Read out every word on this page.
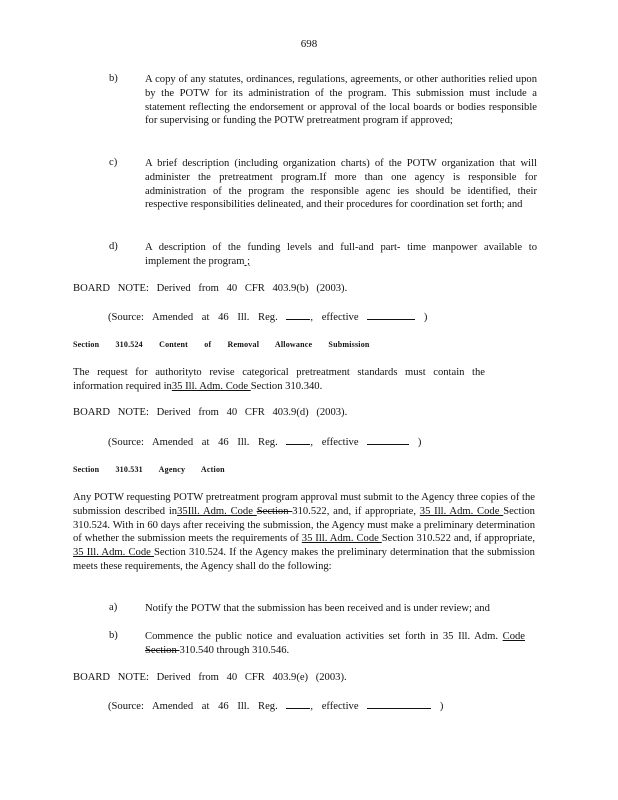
698
b)	A copy of any statutes, ordinances, regulations, agreements, or other authorities relied upon by the POTW for its administration of the program. This submission must include a statement reflecting the endorsement or approval of the local boards or bodies responsible for supervising or funding the POTW pretreatment program if approved;
c)	A brief description (including organization charts) of the POTW organization that will administer the pretreatment program.If more than one agency is responsible for administration of the program the responsible agenc ies should be identified, their respective responsibilities delineated, and their procedures for coordination set forth; and
d)	A description of the funding levels and full-and part- time manpower available to implement the program ;
BOARD NOTE: Derived from 40 CFR 403.9(b) (2003).
(Source: Amended at 46 Ill. Reg.	, effective	)
Section 310.524 Content of Removal Allowance Submission
The request for authorityto revise categorical pretreatment standards must contain the information required in35 Ill. Adm. Code Section 310.340.
BOARD NOTE: Derived from 40 CFR 403.9(d) (2003).
(Source: Amended at 46 Ill. Reg.	, effective	)
Section 310.531 Agency Action
Any POTW requesting POTW pretreatment program approval must submit to the Agency three copies of the submission described in35Ill. Adm. Code Section 310.522, and, if appropriate, 35 Ill. Adm. Code Section 310.524. With in 60 days after receiving the submission, the Agency must make a preliminary determination of whether the submission meets the requirements of 35 Ill. Adm. Code Section 310.522 and, if appropriate, 35 Ill. Adm. Code Section 310.524. If the Agency makes the preliminary determination that the submission meets these requirements, the Agency shall do the following:
a)	Notify the POTW that the submission has been received and is under review; and
b)	Commence the public notice and evaluation activities set forth in 35 Ill. Adm. Code Section 310.540 through 310.546.
BOARD NOTE: Derived from 40 CFR 403.9(e) (2003).
(Source: Amended at 46 Ill. Reg.	, effective	)
